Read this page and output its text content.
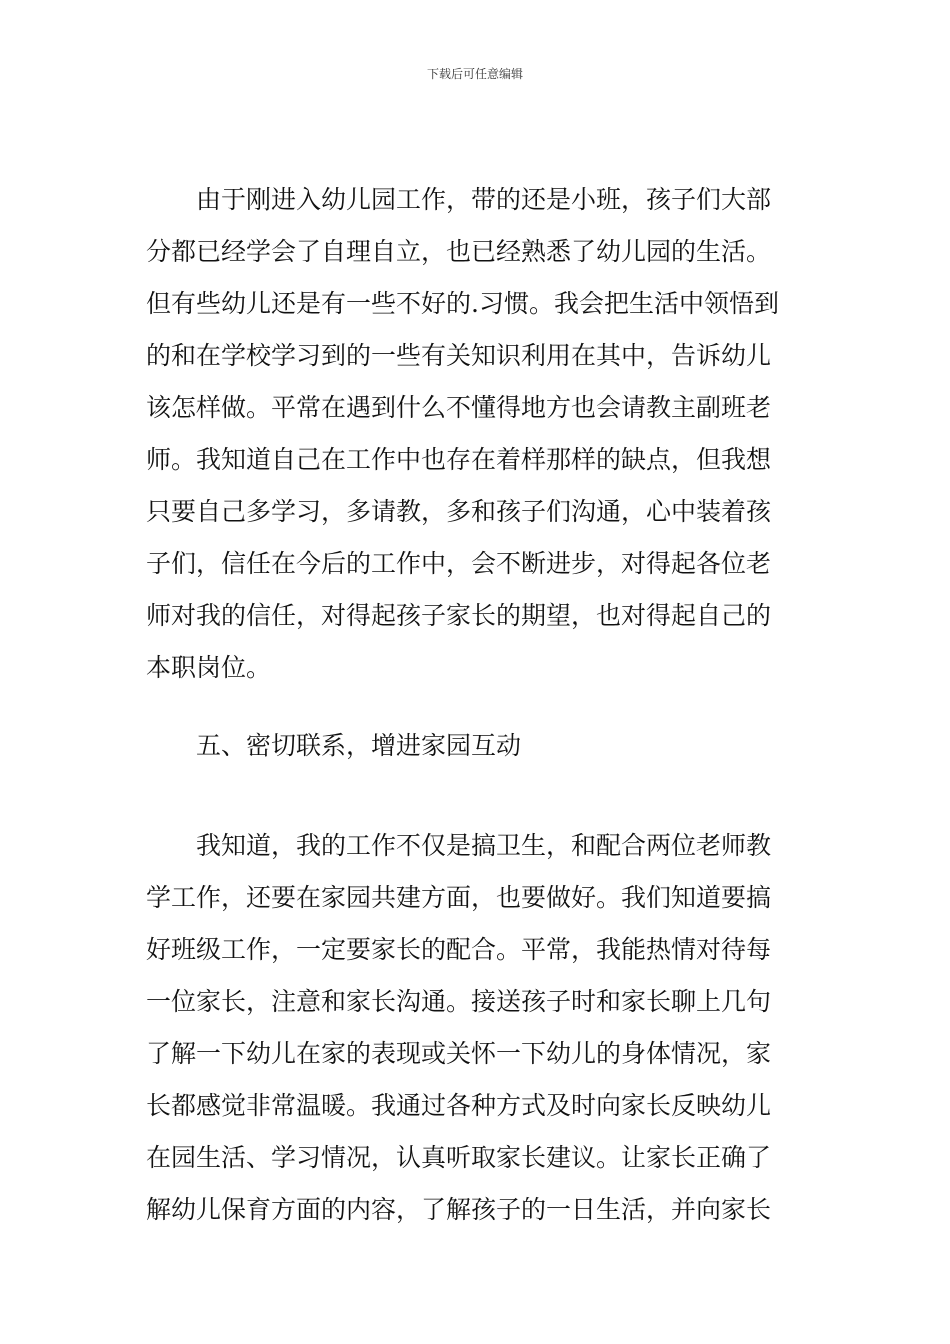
下载后可任意编辑
　　由于刚进入幼儿园工作，带的还是小班，孩子们大部
分都已经学会了自理自立，也已经熟悉了幼儿园的生活。
但有些幼儿还是有一些不好的.习惯。我会把生活中领悟到
的和在学校学习到的一些有关知识利用在其中，告诉幼儿
该怎样做。平常在遇到什么不懂得地方也会请教主副班老
师。我知道自己在工作中也存在着样那样的缺点，但我想
只要自己多学习，多请教，多和孩子们沟通，心中装着孩
子们，信任在今后的工作中，会不断进步，对得起各位老
师对我的信任，对得起孩子家长的期望，也对得起自己的
本职岗位。
　　五、密切联系，增进家园互动
　　我知道，我的工作不仅是搞卫生，和配合两位老师教
学工作，还要在家园共建方面，也要做好。我们知道要搞
好班级工作，一定要家长的配合。平常，我能热情对待每
一位家长，注意和家长沟通。接送孩子时和家长聊上几句
了解一下幼儿在家的表现或关怀一下幼儿的身体情况，家
长都感觉非常温暖。我通过各种方式及时向家长反映幼儿
在园生活、学习情况，认真听取家长建议。让家长正确了
解幼儿保育方面的内容，了解孩子的一日生活，并向家长
